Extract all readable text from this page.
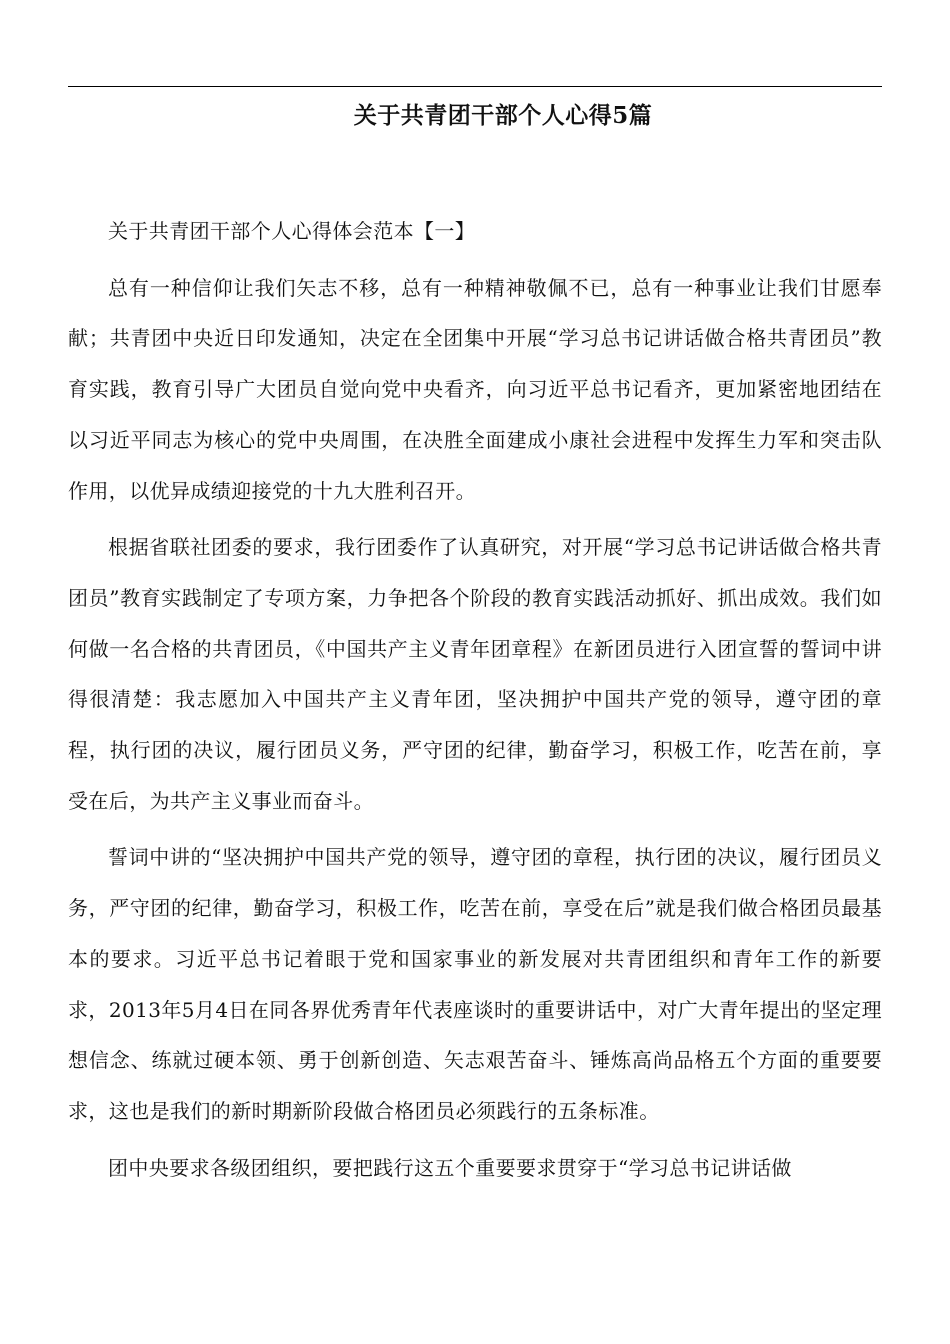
关于共青团干部个人心得5篇

关于共青团干部个人心得体会范本【一】

总有一种信仰让我们矢志不移，总有一种精神敬佩不已，总有一种事业让我们甘愿奉献；共青团中央近日印发通知，决定在全团集中开展“学习总书记讲话做合格共青团员”教育实践，教育引导广大团员自觉向党中央看齐，向习近平总书记看齐，更加紧密地团结在以习近平同志为核心的党中央周围，在决胜全面建成小康社会进程中发挥生力军和突击队作用，以优异成绩迎接党的十九大胜利召开。

根据省联社团委的要求，我行团委作了认真研究，对开展“学习总书记讲话做合格共青团员”教育实践制定了专项方案，力争把各个阶段的教育实践活动抓好、抓出成效。我们如何做一名合格的共青团员，《中国共产主义青年团章程》在新团员进行入团宣誓的誓词中讲得很清楚：我志愿加入中国共产主义青年团，坚决拥护中国共产党的领导，遵守团的章程，执行团的决议，履行团员义务，严守团的纪律，勤奋学习，积极工作，吃苦在前，享受在后，为共产主义事业而奋斗。

誓词中讲的“坚决拥护中国共产党的领导，遵守团的章程，执行团的决议，履行团员义务，严守团的纪律，勤奋学习，积极工作，吃苦在前，享受在后”就是我们做合格团员最基本的要求。习近平总书记着眼于党和国家事业的新发展对共青团组织和青年工作的新要求，2013年5月4日在同各界优秀青年代表座谈时的重要讲话中，对广大青年提出的坚定理想信念、练就过硬本领、勇于创新创造、矢志艰苦奋斗、锤炼高尚品格五个方面的重要要求，这也是我们的新时期新阶段做合格团员必须践行的五条标准。

团中央要求各级团组织，要把践行这五个重要要求贯穿于“学习总书记讲话做
